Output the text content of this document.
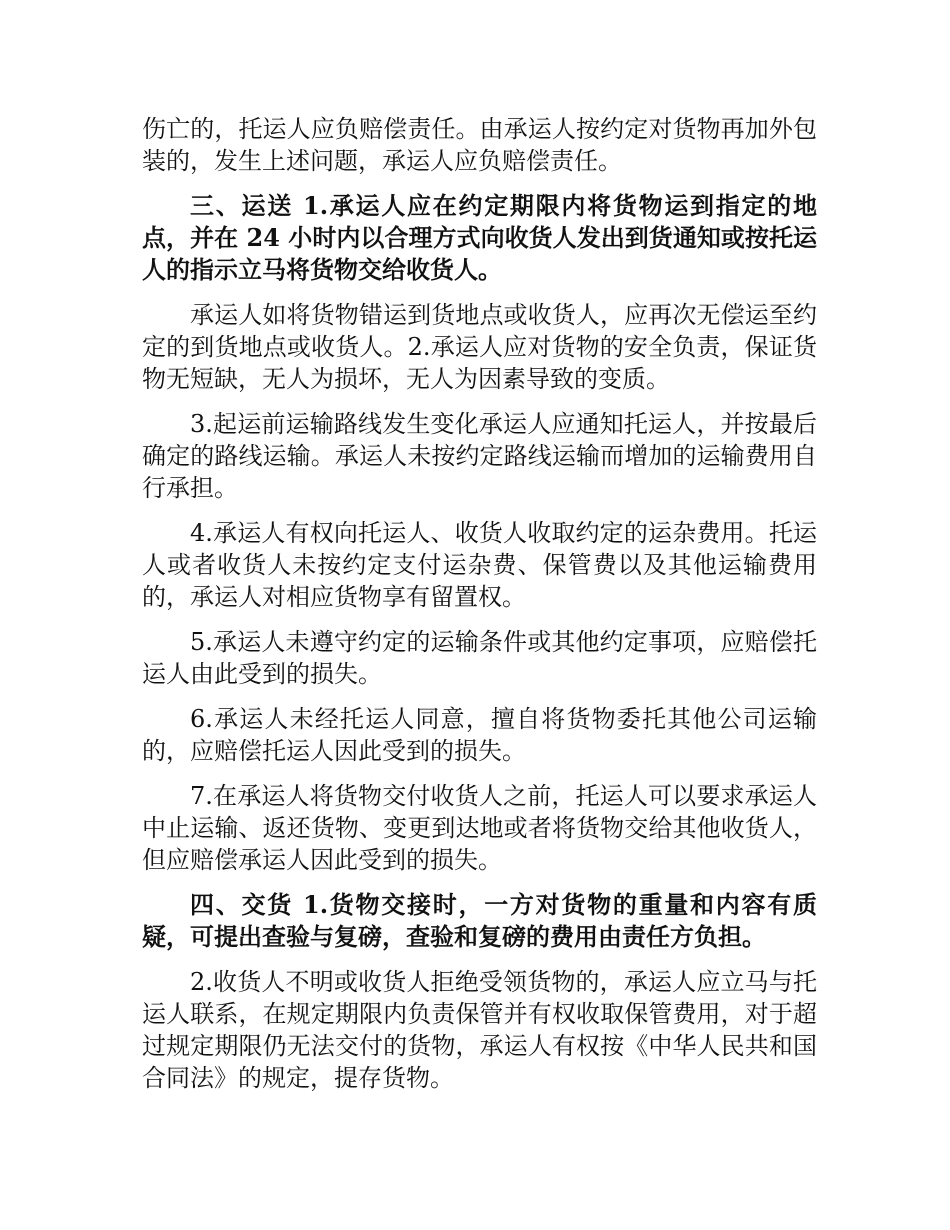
伤亡的，托运人应负赔偿责任。由承运人按约定对货物再加外包装的，发生上述问题，承运人应负赔偿责任。

三、运送 1.承运人应在约定期限内将货物运到指定的地点，并在 24 小时内以合理方式向收货人发出到货通知或按托运人的指示立马将货物交给收货人。

承运人如将货物错运到货地点或收货人，应再次无偿运至约定的到货地点或收货人。2.承运人应对货物的安全负责，保证货物无短缺，无人为损坏，无人为因素导致的变质。

3.起运前运输路线发生变化承运人应通知托运人，并按最后确定的路线运输。承运人未按约定路线运输而增加的运输费用自行承担。

4.承运人有权向托运人、收货人收取约定的运杂费用。托运人或者收货人未按约定支付运杂费、保管费以及其他运输费用的，承运人对相应货物享有留置权。

5.承运人未遵守约定的运输条件或其他约定事项，应赔偿托运人由此受到的损失。

6.承运人未经托运人同意，擅自将货物委托其他公司运输的，应赔偿托运人因此受到的损失。

7.在承运人将货物交付收货人之前，托运人可以要求承运人中止运输、返还货物、变更到达地或者将货物交给其他收货人，但应赔偿承运人因此受到的损失。

四、交货 1.货物交接时，一方对货物的重量和内容有质疑，可提出查验与复磅，查验和复磅的费用由责任方负担。

2.收货人不明或收货人拒绝受领货物的，承运人应立马与托运人联系，在规定期限内负责保管并有权收取保管费用，对于超过规定期限仍无法交付的货物，承运人有权按《中华人民共和国合同法》的规定，提存货物。
